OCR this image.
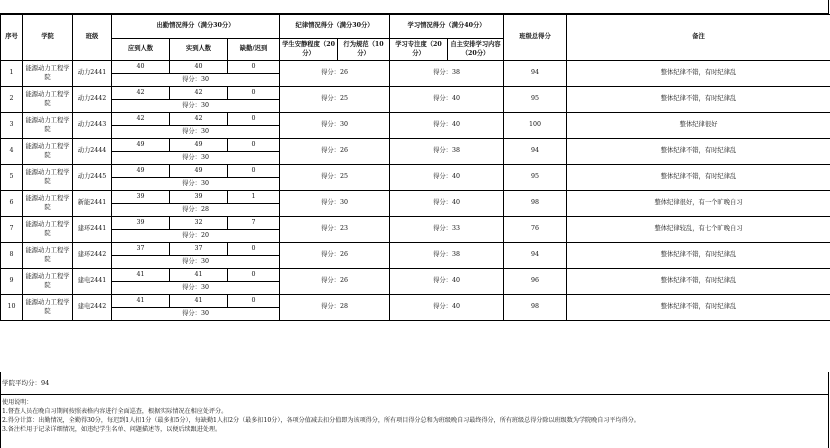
序号	学院	班级	出勤情况得分（满分30分）			纪律情况得分（满分30分）		学习情况得分（满分40分）		班级总得分	备注
			应到人数	实到人数	缺勤/迟到	学生安静程度（20分）	行为规范（10分）	学习专注度（20分）	自主安排学习内容（20分）		
1	能源动力工程学院	动力2441	40	40	0	得分：26		得分：38		94	整体纪律不错，有时纪律乱
			得分：30								
2	能源动力工程学院	动力2442	42	42	0	得分：25		得分：40		95	整体纪律不错，有时纪律乱
			得分：30								
3	能源动力工程学院	动力2443	42	42	0	得分：30		得分：40		100	整体纪律很好
			得分：30								
4	能源动力工程学院	动力2444	49	49	0	得分：26		得分：38		94	整体纪律不错，有时纪律乱
			得分：30								
5	能源动力工程学院	动力2445	49	49	0	得分：25		得分：40		95	整体纪律不错，有时纪律乱
			得分：30								
6	能源动力工程学院	新能2441	39	39	1	得分：30		得分：40		98	整体纪律很好，有一个旷晚自习
			得分：28								
7	能源动力工程学院	建环2441	39	32	7	得分：23		得分：33		76	整体纪律较乱，有七个旷晚自习
			得分：20								
8	能源动力工程学院	建环2442	37	37	0	得分：26		得分：38		94	整体纪律不错，有时纪律乱
			得分：30								
9	能源动力工程学院	建电2441	41	41	0	得分：26		得分：40		96	整体纪律不错，有时纪律乱
			得分：30								
10	能源动力工程学院	建电2442	41	41	0	得分：28		得分：40		98	整体纪律不错，有时纪律乱
			得分：30								
学院平均分：94
使用说明：
1.督查人员在晚自习期间按照表格内容进行全面巡查，根据实际情况在相应处评分。
2.得分计算：出勤情况，全勤得30分，每迟到1人扣1分（最多扣5分），每缺勤1人扣2分（最多扣10分），各项分值减去扣分值即为该项得分，所有项目得分总和为班级晚自习最终得分，所有班级总得分除以班级数为学院晚自习平均得分。
3.备注栏用于记录详细情况，如违纪学生名单、问题描述等，以便后续跟进处理。
